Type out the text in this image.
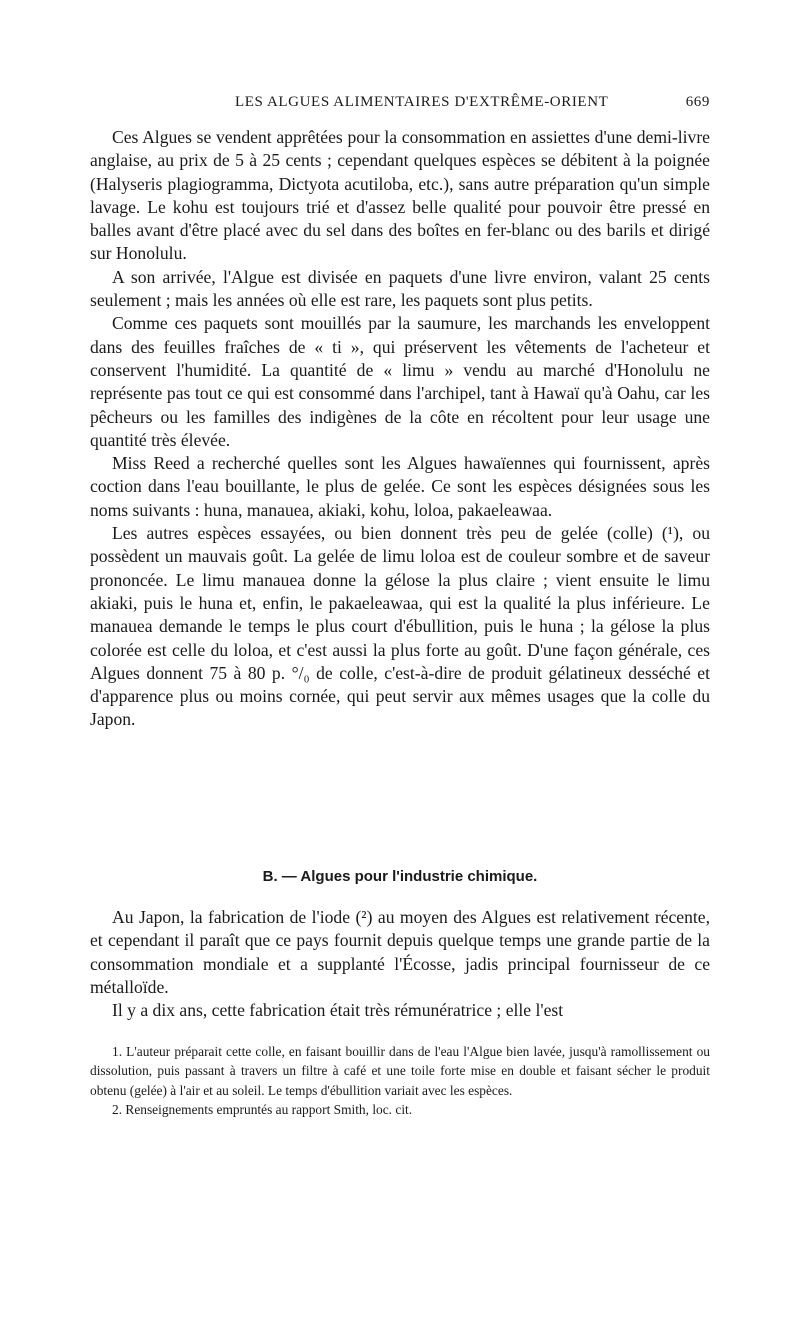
LES ALGUES ALIMENTAIRES D'EXTRÊME-ORIENT	669

Ces Algues se vendent apprêtées pour la consommation en assiettes d'une demi-livre anglaise, au prix de 5 à 25 cents ; cependant quelques espèces se débitent à la poignée (Halyseris plagiogramma, Dictyota acutiloba, etc.), sans autre préparation qu'un simple lavage. Le kohu est toujours trié et d'assez belle qualité pour pouvoir être pressé en balles avant d'être placé avec du sel dans des boîtes en fer-blanc ou des barils et dirigé sur Honolulu.

A son arrivée, l'Algue est divisée en paquets d'une livre environ, valant 25 cents seulement ; mais les années où elle est rare, les paquets sont plus petits.

Comme ces paquets sont mouillés par la saumure, les marchands les enveloppent dans des feuilles fraîches de « ti », qui préservent les vêtements de l'acheteur et conservent l'humidité. La quantité de « limu » vendu au marché d'Honolulu ne représente pas tout ce qui est consommé dans l'archipel, tant à Hawaï qu'à Oahu, car les pêcheurs ou les familles des indigènes de la côte en récoltent pour leur usage une quantité très élevée.

Miss Reed a recherché quelles sont les Algues hawaïennes qui fournissent, après coction dans l'eau bouillante, le plus de gelée. Ce sont les espèces désignées sous les noms suivants : huna, manauea, akiaki, kohu, loloa, pakaeleawaa.

Les autres espèces essayées, ou bien donnent très peu de gelée (colle) (¹), ou possèdent un mauvais goût. La gelée de limu loloa est de couleur sombre et de saveur prononcée. Le limu manauea donne la gélose la plus claire ; vient ensuite le limu akiaki, puis le huna et, enfin, le pakaeleawaa, qui est la qualité la plus inférieure. Le manauea demande le temps le plus court d'ébullition, puis le huna ; la gélose la plus colorée est celle du loloa, et c'est aussi la plus forte au goût. D'une façon générale, ces Algues donnent 75 à 80 p. °/₀ de colle, c'est-à-dire de produit gélatineux desséché et d'apparence plus ou moins cornée, qui peut servir aux mêmes usages que la colle du Japon.

B. — Algues pour l'industrie chimique.

Au Japon, la fabrication de l'iode (²) au moyen des Algues est relativement récente, et cependant il paraît que ce pays fournit depuis quelque temps une grande partie de la consommation mondiale et a supplanté l'Écosse, jadis principal fournisseur de ce métalloïde.

Il y a dix ans, cette fabrication était très rémunératrice ; elle l'est

1. L'auteur préparait cette colle, en faisant bouillir dans de l'eau l'Algue bien lavée, jusqu'à ramollissement ou dissolution, puis passant à travers un filtre à café et une toile forte mise en double et faisant sécher le produit obtenu (gelée) à l'air et au soleil. Le temps d'ébullition variait avec les espèces.

2. Renseignements empruntés au rapport Smith, loc. cit.
